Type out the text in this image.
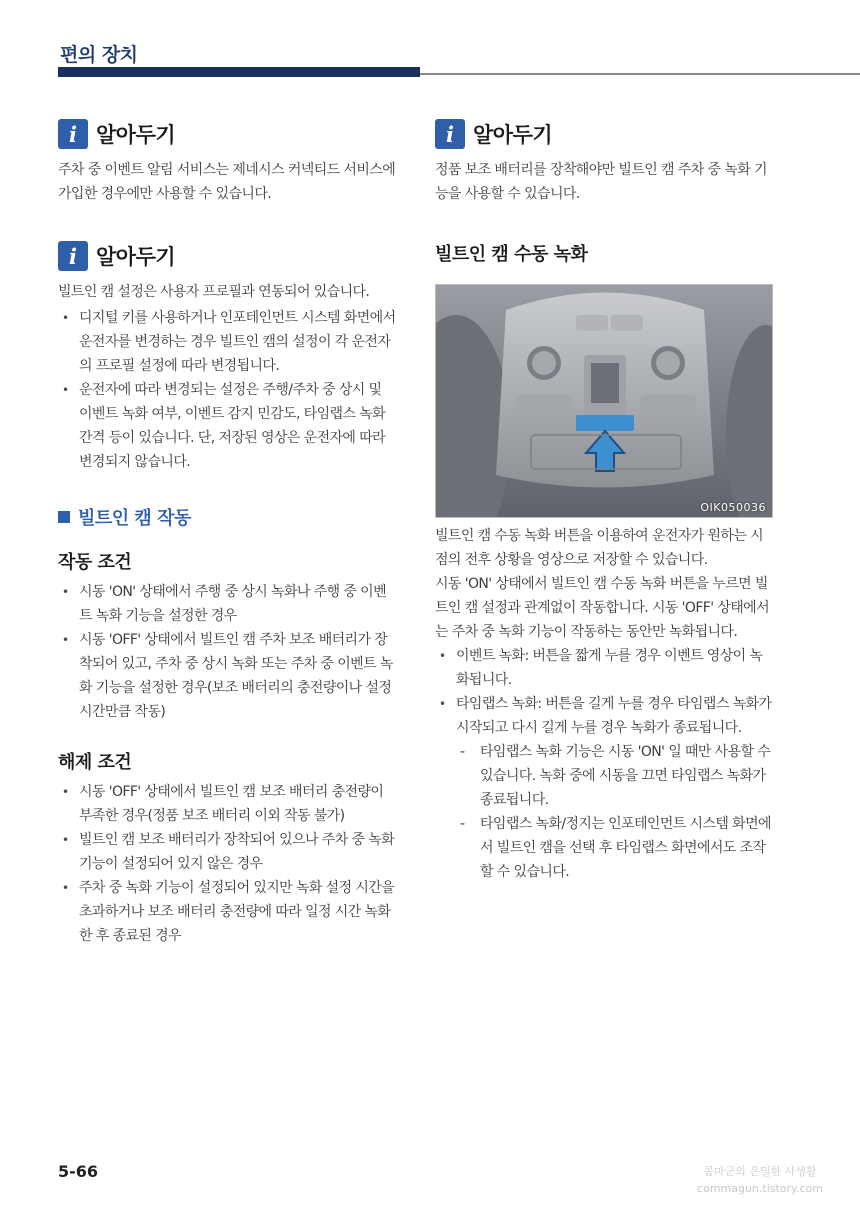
편의 장치
i 알아두기

주차 중 이벤트 알림 서비스는 제네시스 커넥티드 서비스에 가입한 경우에만 사용할 수 있습니다.

i 알아두기

빌트인 캠 설정은 사용자 프로필과 연동되어 있습니다.

• 디지털 키를 사용하거나 인포테인먼트 시스템 화면에서 운전자를 변경하는 경우 빌트인 캠의 설정이 각 운전자의 프로필 설정에 따라 변경됩니다.
• 운전자에 따라 변경되는 설정은 주행/주차 중 상시 및 이벤트 녹화 여부, 이벤트 감지 민감도, 타임랩스 녹화 간격 등이 있습니다. 단, 저장된 영상은 운전자에 따라 변경되지 않습니다.
빌트인 캠 작동
작동 조건
• 시동 'ON' 상태에서 주행 중 상시 녹화나 주행 중 이벤트 녹화 기능을 설정한 경우
• 시동 'OFF' 상태에서 빌트인 캠 주차 보조 배터리가 장착되어 있고, 주차 중 상시 녹화 또는 주차 중 이벤트 녹화 기능을 설정한 경우(보조 배터리의 충전량이나 설정 시간만큼 작동)
해제 조건
• 시동 'OFF' 상태에서 빌트인 캠 보조 배터리 충전량이 부족한 경우(정품 보조 배터리 이외 작동 불가)
• 빌트인 캠 보조 배터리가 장착되어 있으나 주차 중 녹화 기능이 설정되어 있지 않은 경우
• 주차 중 녹화 기능이 설정되어 있지만 녹화 설정 시간을 초과하거나 보조 배터리 충전량에 따라 일정 시간 녹화한 후 종료된 경우
i 알아두기

정품 보조 배터리를 장착해야만 빌트인 캠 주차 중 녹화 기능을 사용할 수 있습니다.

빌트인 캠 수동 녹화
OIK050036

빌트인 캠 수동 녹화 버튼을 이용하여 운전자가 원하는 시점의 전후 상황을 영상으로 저장할 수 있습니다.

시동 'ON' 상태에서 빌트인 캠 수동 녹화 버튼을 누르면 빌트인 캠 설정과 관계없이 작동합니다. 시동 'OFF' 상태에서는 주차 중 녹화 기능이 작동하는 동안만 녹화됩니다.

• 이벤트 녹화: 버튼을 짧게 누를 경우 이벤트 영상이 녹화됩니다.
• 타임랩스 녹화: 버튼을 길게 누를 경우 타임랩스 녹화가 시작되고 다시 길게 누를 경우 녹화가 종료됩니다.
- 타임랩스 녹화 기능은 시동 'ON' 일 때만 사용할 수 있습니다. 녹화 중에 시동을 끄면 타임랩스 녹화가 종료됩니다.
- 타임랩스 녹화/정지는 인포테인먼트 시스템 화면에서 빌트인 캠을 선택 후 타임랩스 화면에서도 조작할 수 있습니다.
5-66	콤마군의 은밀한 사생활
commagun.tistory.com
